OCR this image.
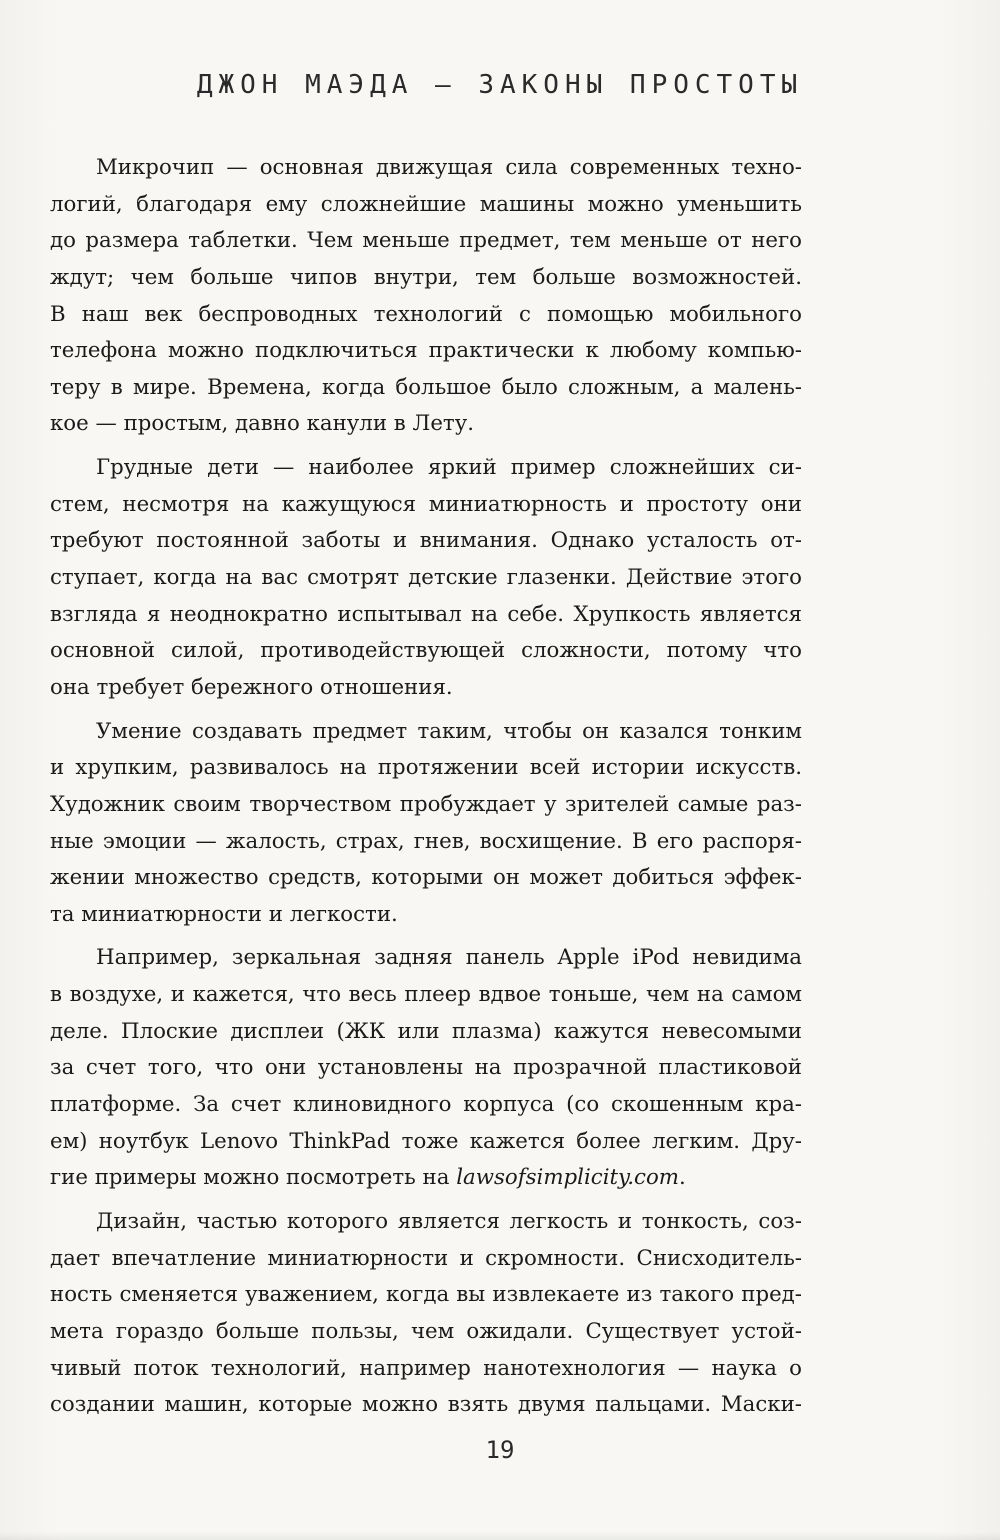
ДЖОН МАЭДА – ЗАКОНЫ ПРОСТОТЫ
Микрочип — основная движущая сила современных техно-
логий, благодаря ему сложнейшие машины можно уменьшить
до размера таблетки. Чем меньше предмет, тем меньше от него
ждут; чем больше чипов внутри, тем больше возможностей.
В наш век беспроводных технологий с помощью мобильного
телефона можно подключиться практически к любому компью-
теру в мире. Времена, когда большое было сложным, а малень-
кое — простым, давно канули в Лету.
Грудные дети — наиболее яркий пример сложнейших си-
стем, несмотря на кажущуюся миниатюрность и простоту они
требуют постоянной заботы и внимания. Однако усталость от-
ступает, когда на вас смотрят детские глазенки. Действие этого
взгляда я неоднократно испытывал на себе. Хрупкость является
основной силой, противодействующей сложности, потому что
она требует бережного отношения.
Умение создавать предмет таким, чтобы он казался тонким
и хрупким, развивалось на протяжении всей истории искусств.
Художник своим творчеством пробуждает у зрителей самые раз-
ные эмоции — жалость, страх, гнев, восхищение. В его распоря-
жении множество средств, которыми он может добиться эффек-
та миниатюрности и легкости.
Например, зеркальная задняя панель Apple iPod невидима
в воздухе, и кажется, что весь плеер вдвое тоньше, чем на самом
деле. Плоские дисплеи (ЖК или плазма) кажутся невесомыми
за счет того, что они установлены на прозрачной пластиковой
платформе. За счет клиновидного корпуса (со скошенным кра-
ем) ноутбук Lenovo ThinkPad тоже кажется более легким. Дру-
гие примеры можно посмотреть на lawsofsimplicity.com.
Дизайн, частью которого является легкость и тонкость, соз-
дает впечатление миниатюрности и скромности. Снисходитель-
ность сменяется уважением, когда вы извлекаете из такого пред-
мета гораздо больше пользы, чем ожидали. Существует устой-
чивый поток технологий, например нанотехнология — наука о
создании машин, которые можно взять двумя пальцами. Маски-
19
